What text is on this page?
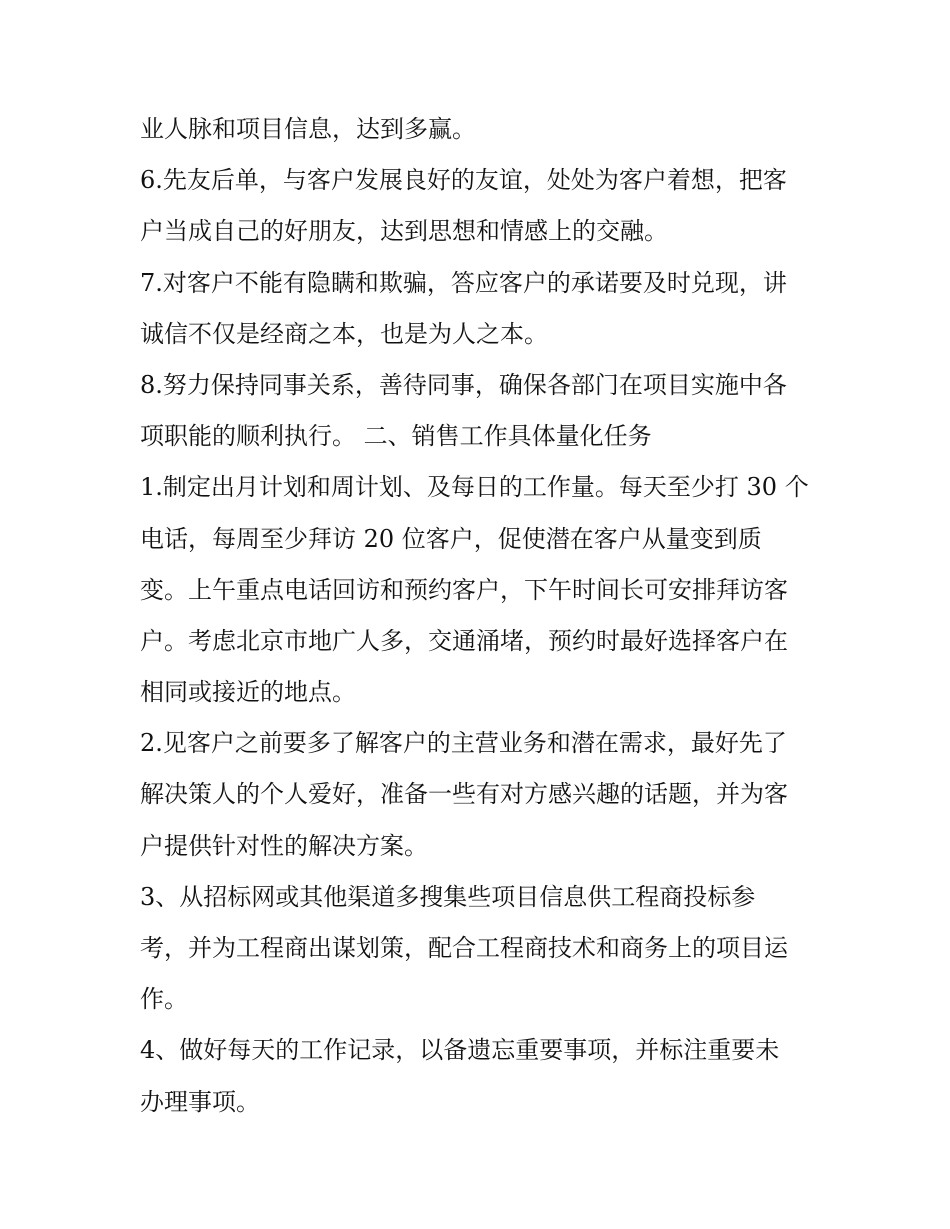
业人脉和项目信息，达到多赢。
6.先友后单，与客户发展良好的友谊，处处为客户着想，把客
户当成自己的好朋友，达到思想和情感上的交融。
7.对客户不能有隐瞒和欺骗，答应客户的承诺要及时兑现，讲
诚信不仅是经商之本，也是为人之本。
8.努力保持同事关系，善待同事，确保各部门在项目实施中各
项职能的顺利执行。 二、销售工作具体量化任务
1.制定出月计划和周计划、及每日的工作量。每天至少打 30 个
电话，每周至少拜访 20 位客户，促使潜在客户从量变到质
变。上午重点电话回访和预约客户，下午时间长可安排拜访客
户。考虑北京市地广人多，交通涌堵，预约时最好选择客户在
相同或接近的地点。
2.见客户之前要多了解客户的主营业务和潜在需求，最好先了
解决策人的个人爱好，准备一些有对方感兴趣的话题，并为客
户提供针对性的解决方案。
3、从招标网或其他渠道多搜集些项目信息供工程商投标参
考，并为工程商出谋划策，配合工程商技术和商务上的项目运
作。
4、做好每天的工作记录，以备遗忘重要事项，并标注重要未
办理事项。
